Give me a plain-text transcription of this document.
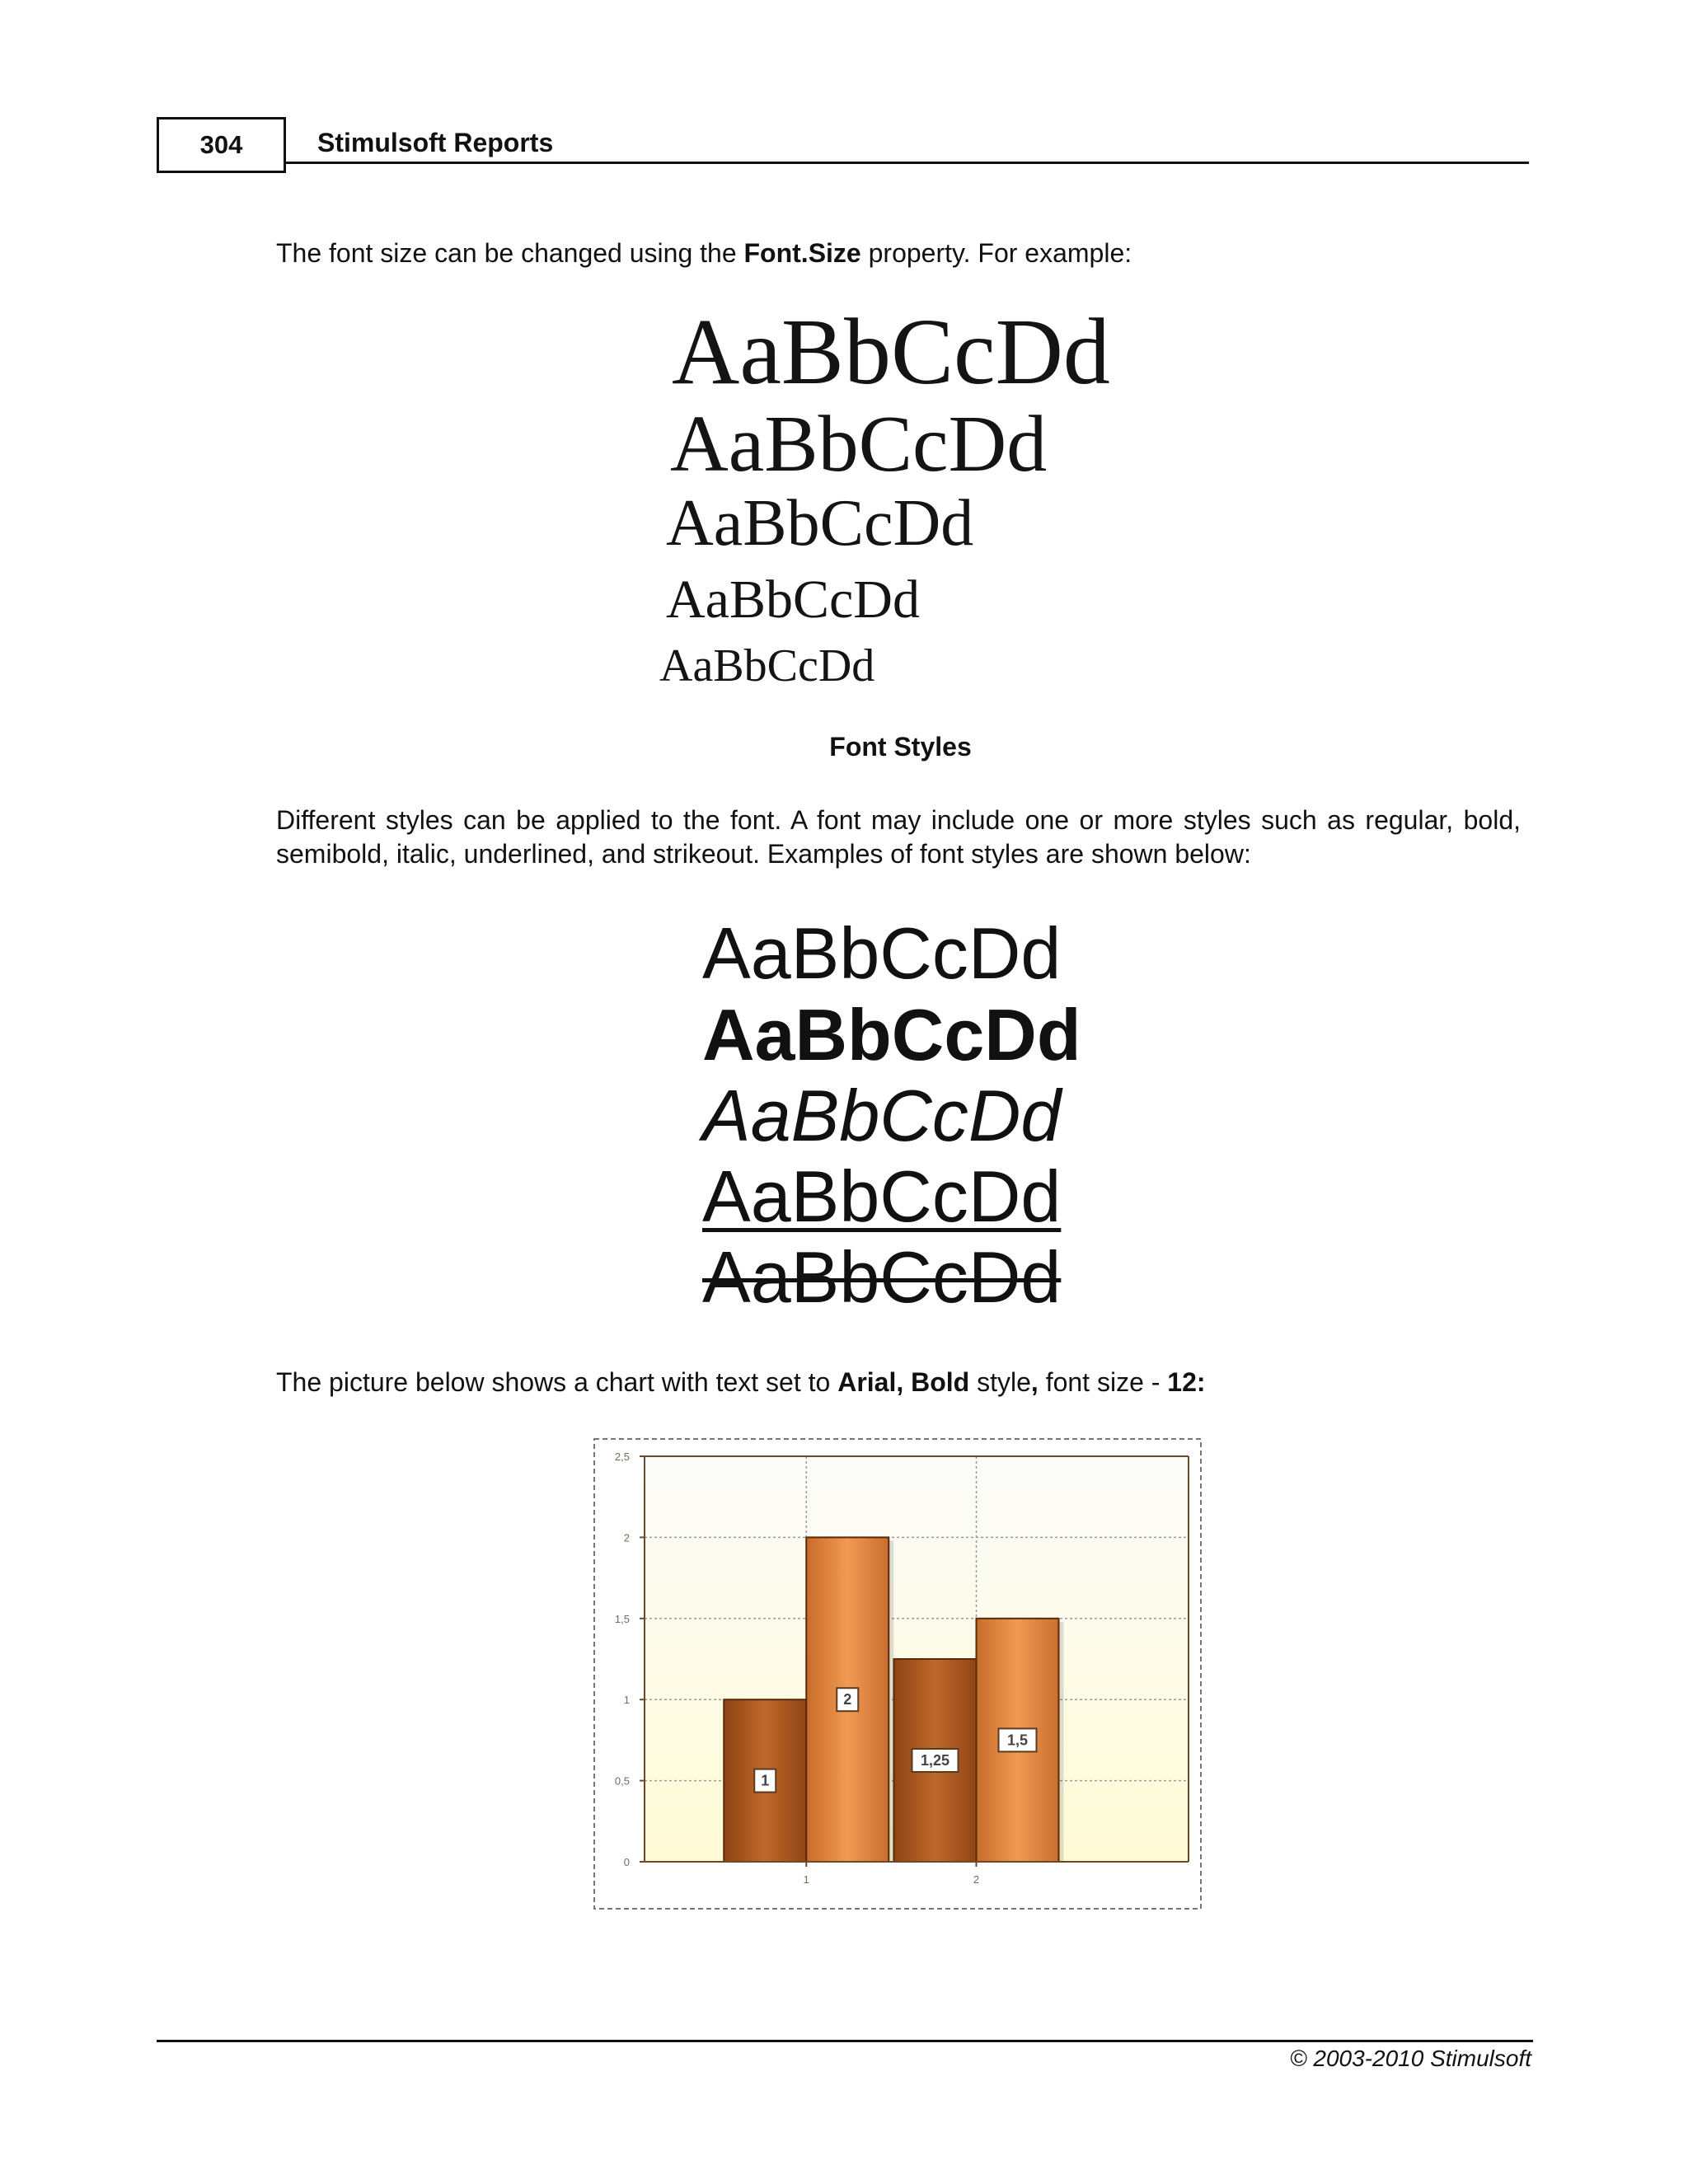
304	Stimulsoft Reports
The font size can be changed using the Font.Size property. For example:
AaBbCcDd
AaBbCcDd
AaBbCcDd
AaBbCcDd
AaBbCcDd
Font Styles
Different styles can be applied to the font. A font may include one or more styles such as regular, bold, semibold, italic, underlined, and strikeout. Examples of font styles are shown below:
AaBbCcDd
AaBbCcDd
AaBbCcDd
AaBbCcDd
AaBbCcDd
The picture below shows a chart with text set to Arial, Bold style, font size - 12:
0
0,5
1
1,5
2
2,5
1
1,25
2
1,5
1	2
© 2003-2010 Stimulsoft
